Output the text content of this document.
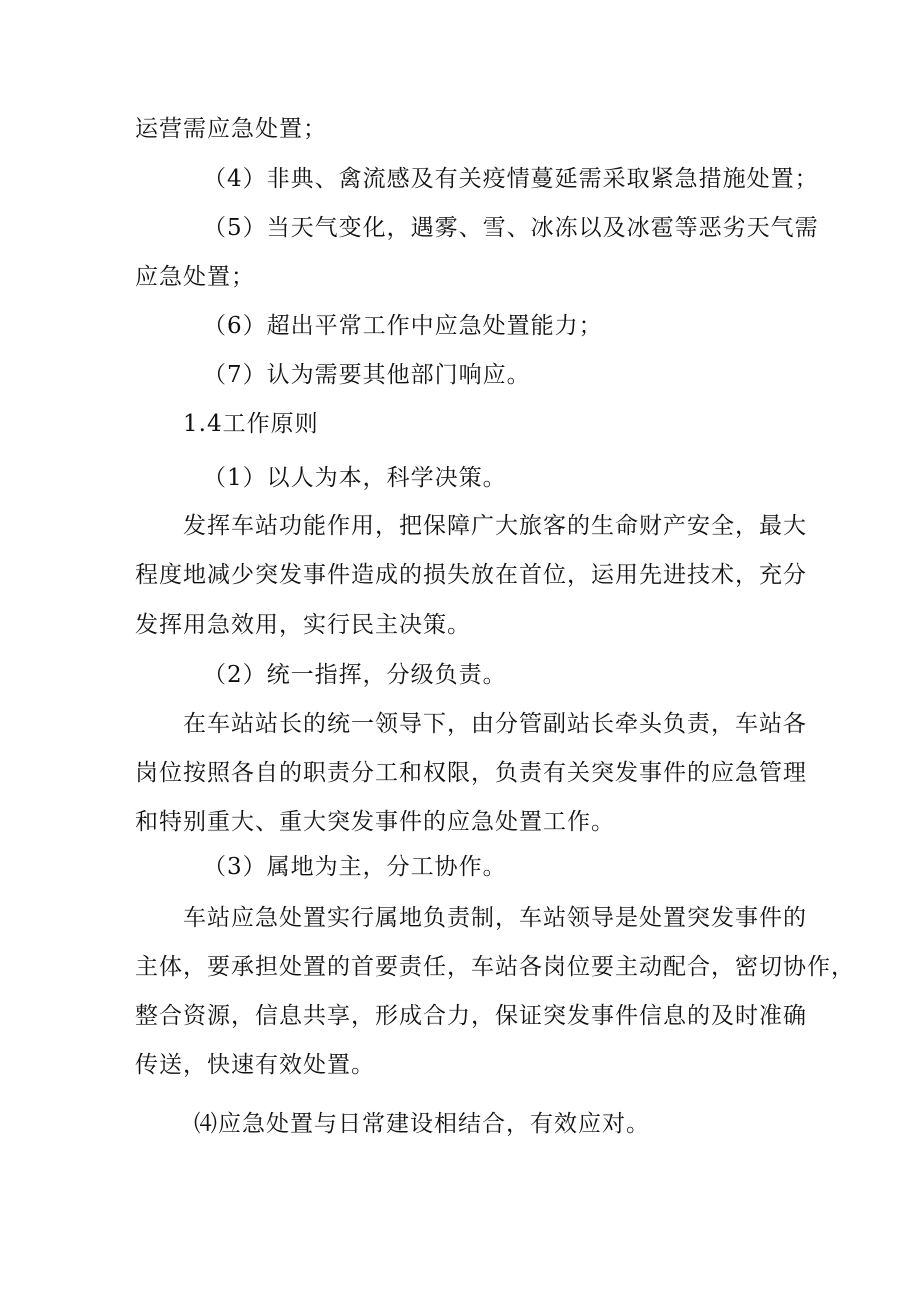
运营需应急处置；
（4）非典、禽流感及有关疫情蔓延需采取紧急措施处置；
（5）当天气变化，遇雾、雪、冰冻以及冰雹等恶劣天气需
应急处置；
（6）超出平常工作中应急处置能力；
（7）认为需要其他部门响应。
1.4工作原则
（1）以人为本，科学决策。
发挥车站功能作用，把保障广大旅客的生命财产安全，最大
程度地减少突发事件造成的损失放在首位，运用先进技术，充分
发挥用急效用，实行民主决策。
（2）统一指挥，分级负责。
在车站站长的统一领导下，由分管副站长牵头负责，车站各
岗位按照各自的职责分工和权限，负责有关突发事件的应急管理
和特别重大、重大突发事件的应急处置工作。
（3）属地为主，分工协作。
车站应急处置实行属地负责制，车站领导是处置突发事件的
主体，要承担处置的首要责任，车站各岗位要主动配合，密切协作，
整合资源，信息共享，形成合力，保证突发事件信息的及时准确
传送，快速有效处置。
⑷应急处置与日常建设相结合，有效应对。
